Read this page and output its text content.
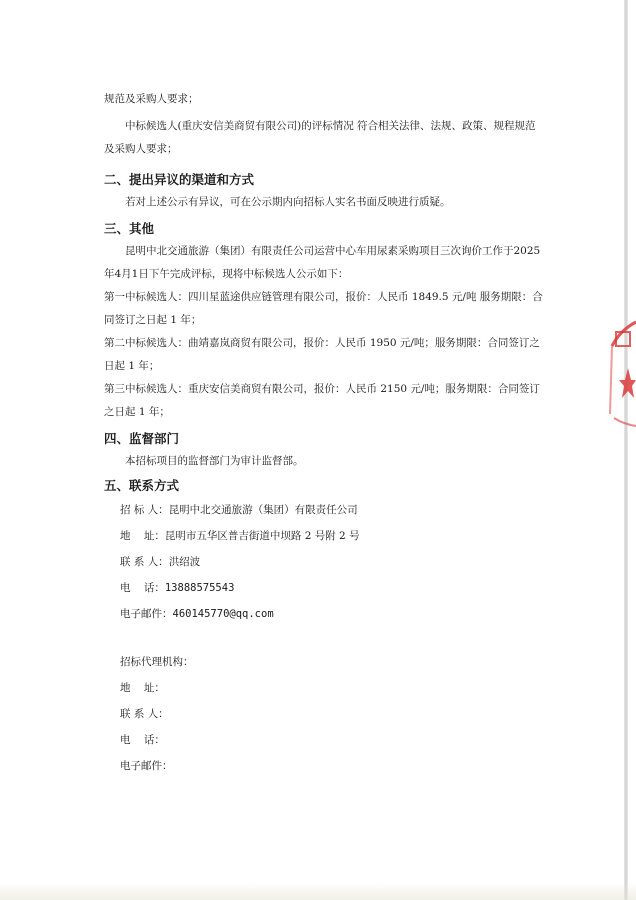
规范及采购人要求；

中标候选人(重庆安信美商贸有限公司)的评标情况 符合相关法律、法规、政策、规程规范及采购人要求；

二、提出异议的渠道和方式

若对上述公示有异议，可在公示期内向招标人实名书面反映进行质疑。

三、其他

昆明中北交通旅游（集团）有限责任公司运营中心车用尿素采购项目三次询价工作于2025年4月1日下午完成评标，现将中标候选人公示如下：

第一中标候选人：四川星蓝途供应链管理有限公司，报价：人民币 1849.5 元/吨 服务期限：合同签订之日起 1 年；

第二中标候选人：曲靖嘉岚商贸有限公司，报价：人民币 1950 元/吨；服务期限：合同签订之日起 1 年；

第三中标候选人：重庆安信美商贸有限公司，报价：人民币 2150 元/吨；服务期限：合同签订之日起 1 年；

四、监督部门

本招标项目的监督部门为审计监督部。

五、联系方式

招 标 人： 昆明中北交通旅游（集团）有限责任公司
地    址： 昆明市五华区普吉街道中坝路 2 号附 2 号
联 系 人： 洪绍波
电    话： 13888575543
电子邮件： 460145770@qq.com
招标代理机构：
地    址：
联 系 人：
电    话：
电子邮件：
